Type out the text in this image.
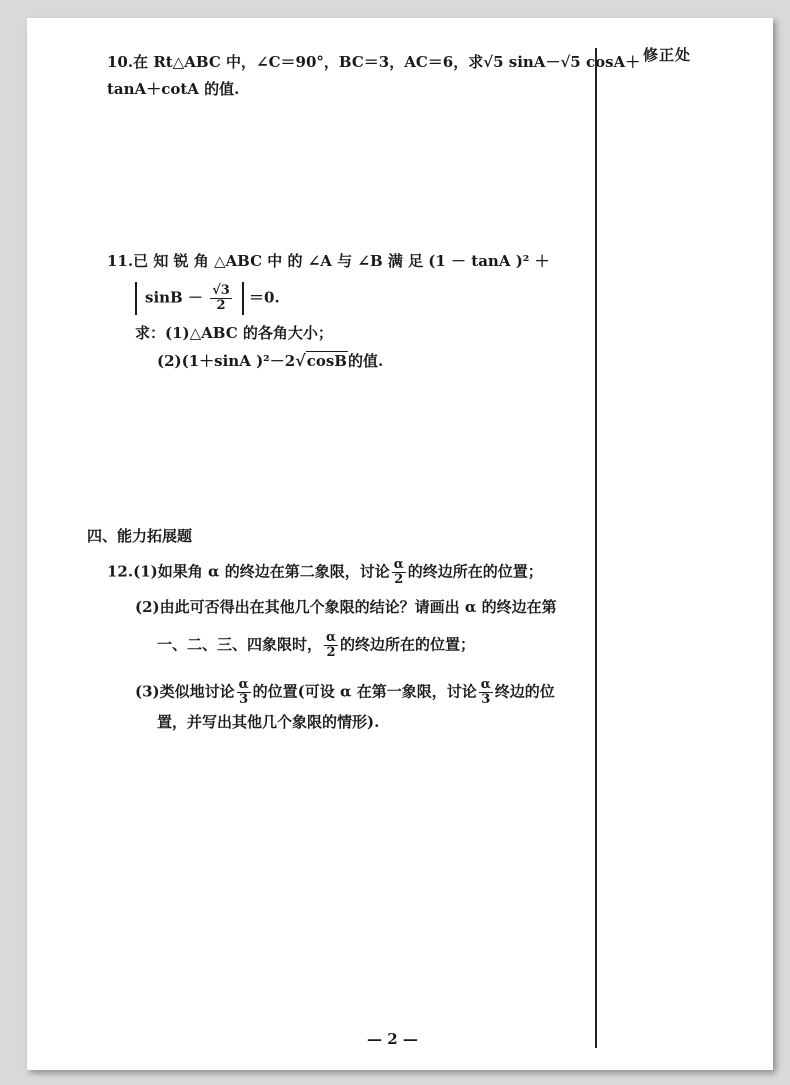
修正处
10.在 Rt△ABC 中，∠C＝90°，BC＝3，AC＝6，求√5 sinA－√5 cosA＋
tanA＋cotA 的值.
11.已 知 锐 角 △ABC 中 的 ∠A 与 ∠B 满 足 (1 － tanA )² ＋
$\sin B - \frac{√3}{2} =0$.
求：(1)△ABC 的各角大小；
(2)(1＋sinA )²－2√cosB的值.
四、能力拓展题
12.(1)如果角 α 的终边在第二象限，讨论 $\frac{\alpha}{2}$ 的终边所在的位置；
(2)由此可否得出在其他几个象限的结论？请画出 α 的终边在第
一、二、三、四象限时， $\frac{\alpha}{2}$ 的终边所在的位置；
(3)类似地讨论 $\frac{\alpha}{3}$ 的位置(可设 α 在第一象限，讨论 $\frac{\alpha}{3}$ 终边的位
置，并写出其他几个象限的情形).
— 2 —
